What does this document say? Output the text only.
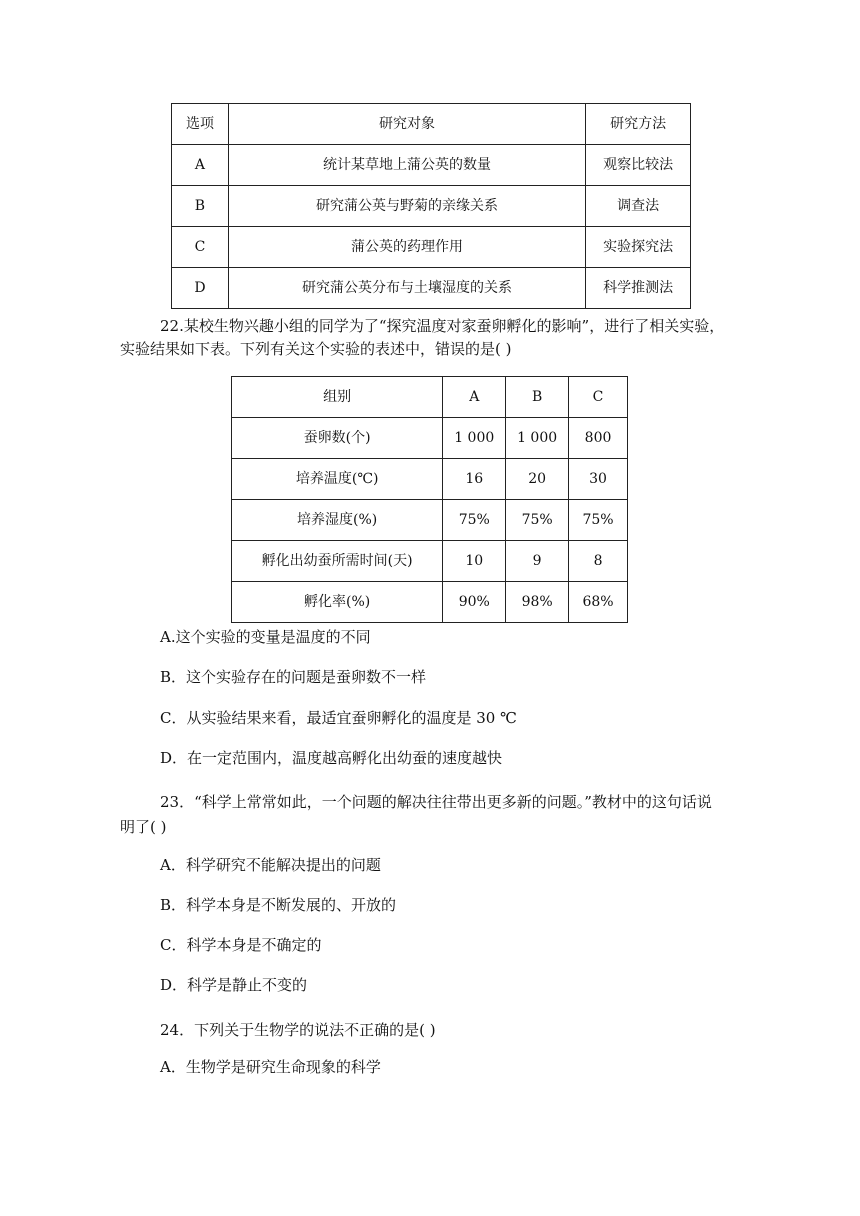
选项	研究对象	研究方法
A	统计某草地上蒲公英的数量	观察比较法
B	研究蒲公英与野菊的亲缘关系	调查法
C	蒲公英的药理作用	实验探究法
D	研究蒲公英分布与土壤湿度的关系	科学推测法
22.某校生物兴趣小组的同学为了“探究温度对家蚕卵孵化的影响”，进行了相关实验，
实验结果如下表。下列有关这个实验的表述中，错误的是( )
组别	A	B	C
蚕卵数(个)	1 000	1 000	800
培养温度(℃)	16	20	30
培养湿度(%)	75%	75%	75%
孵化出幼蚕所需时间(天)	10	9	8
孵化率(%)	90%	98%	68%
A.这个实验的变量是温度的不同
B．这个实验存在的问题是蚕卵数不一样
C．从实验结果来看，最适宜蚕卵孵化的温度是 30 ℃
D．在一定范围内，温度越高孵化出幼蚕的速度越快
23．“科学上常常如此，一个问题的解决往往带出更多新的问题。”教材中的这句话说
明了( )
A．科学研究不能解决提出的问题
B．科学本身是不断发展的、开放的
C．科学本身是不确定的
D．科学是静止不变的
24．下列关于生物学的说法不正确的是( )
A．生物学是研究生命现象的科学
